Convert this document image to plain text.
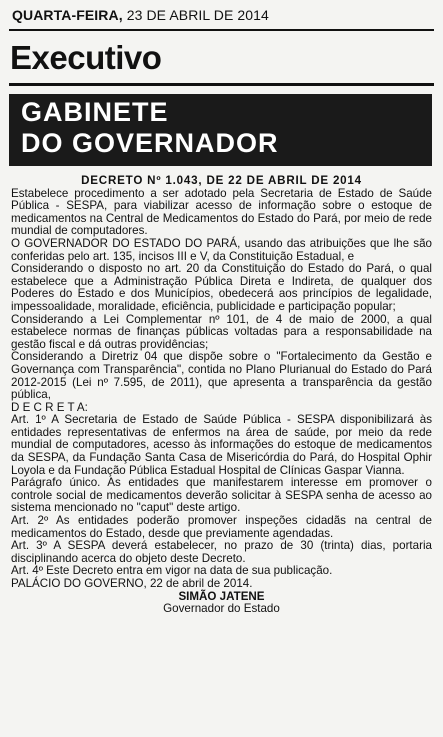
QUARTA-FEIRA, 23 DE ABRIL DE 2014
Executivo
GABINETE
DO GOVERNADOR
DECRETO Nº 1.043, DE 22 DE ABRIL DE 2014

Estabelece procedimento a ser adotado pela Secretaria de Estado de Saúde Pública - SESPA, para viabilizar acesso de informação sobre o estoque de medicamentos na Central de Medicamentos do Estado do Pará, por meio de rede mundial de computadores.

O GOVERNADOR DO ESTADO DO PARÁ, usando das atribuições que lhe são conferidas pelo art. 135, incisos III e V, da Constituição Estadual, e

Considerando o disposto no art. 20 da Constituição do Estado do Pará, o qual estabelece que a Administração Pública Direta e Indireta, de qualquer dos Poderes do Estado e dos Municípios, obedecerá aos princípios de legalidade, impessoalidade, moralidade, eficiência, publicidade e participação popular;

Considerando a Lei Complementar nº 101, de 4 de maio de 2000, a qual estabelece normas de finanças públicas voltadas para a responsabilidade na gestão fiscal e dá outras providências;

Considerando a Diretriz 04 que dispõe sobre o "Fortalecimento da Gestão e Governança com Transparência", contida no Plano Plurianual do Estado do Pará 2012-2015 (Lei nº 7.595, de 2011), que apresenta a transparência da gestão pública,

D E C R E T A:

Art. 1º A Secretaria de Estado de Saúde Pública - SESPA disponibilizará às entidades representativas de enfermos na área de saúde, por meio da rede mundial de computadores, acesso às informações do estoque de medicamentos da SESPA, da Fundação Santa Casa de Misericórdia do Pará, do Hospital Ophir Loyola e da Fundação Pública Estadual Hospital de Clínicas Gaspar Vianna.

Parágrafo único. As entidades que manifestarem interesse em promover o controle social de medicamentos deverão solicitar à SESPA senha de acesso ao sistema mencionado no "caput" deste artigo.

Art. 2º As entidades poderão promover inspeções cidadãs na central de medicamentos do Estado, desde que previamente agendadas.

Art. 3º A SESPA deverá estabelecer, no prazo de 30 (trinta) dias, portaria disciplinando acerca do objeto deste Decreto.

Art. 4º Este Decreto entra em vigor na data de sua publicação.

PALÁCIO DO GOVERNO, 22 de abril de 2014.

SIMÃO JATENE

Governador do Estado
